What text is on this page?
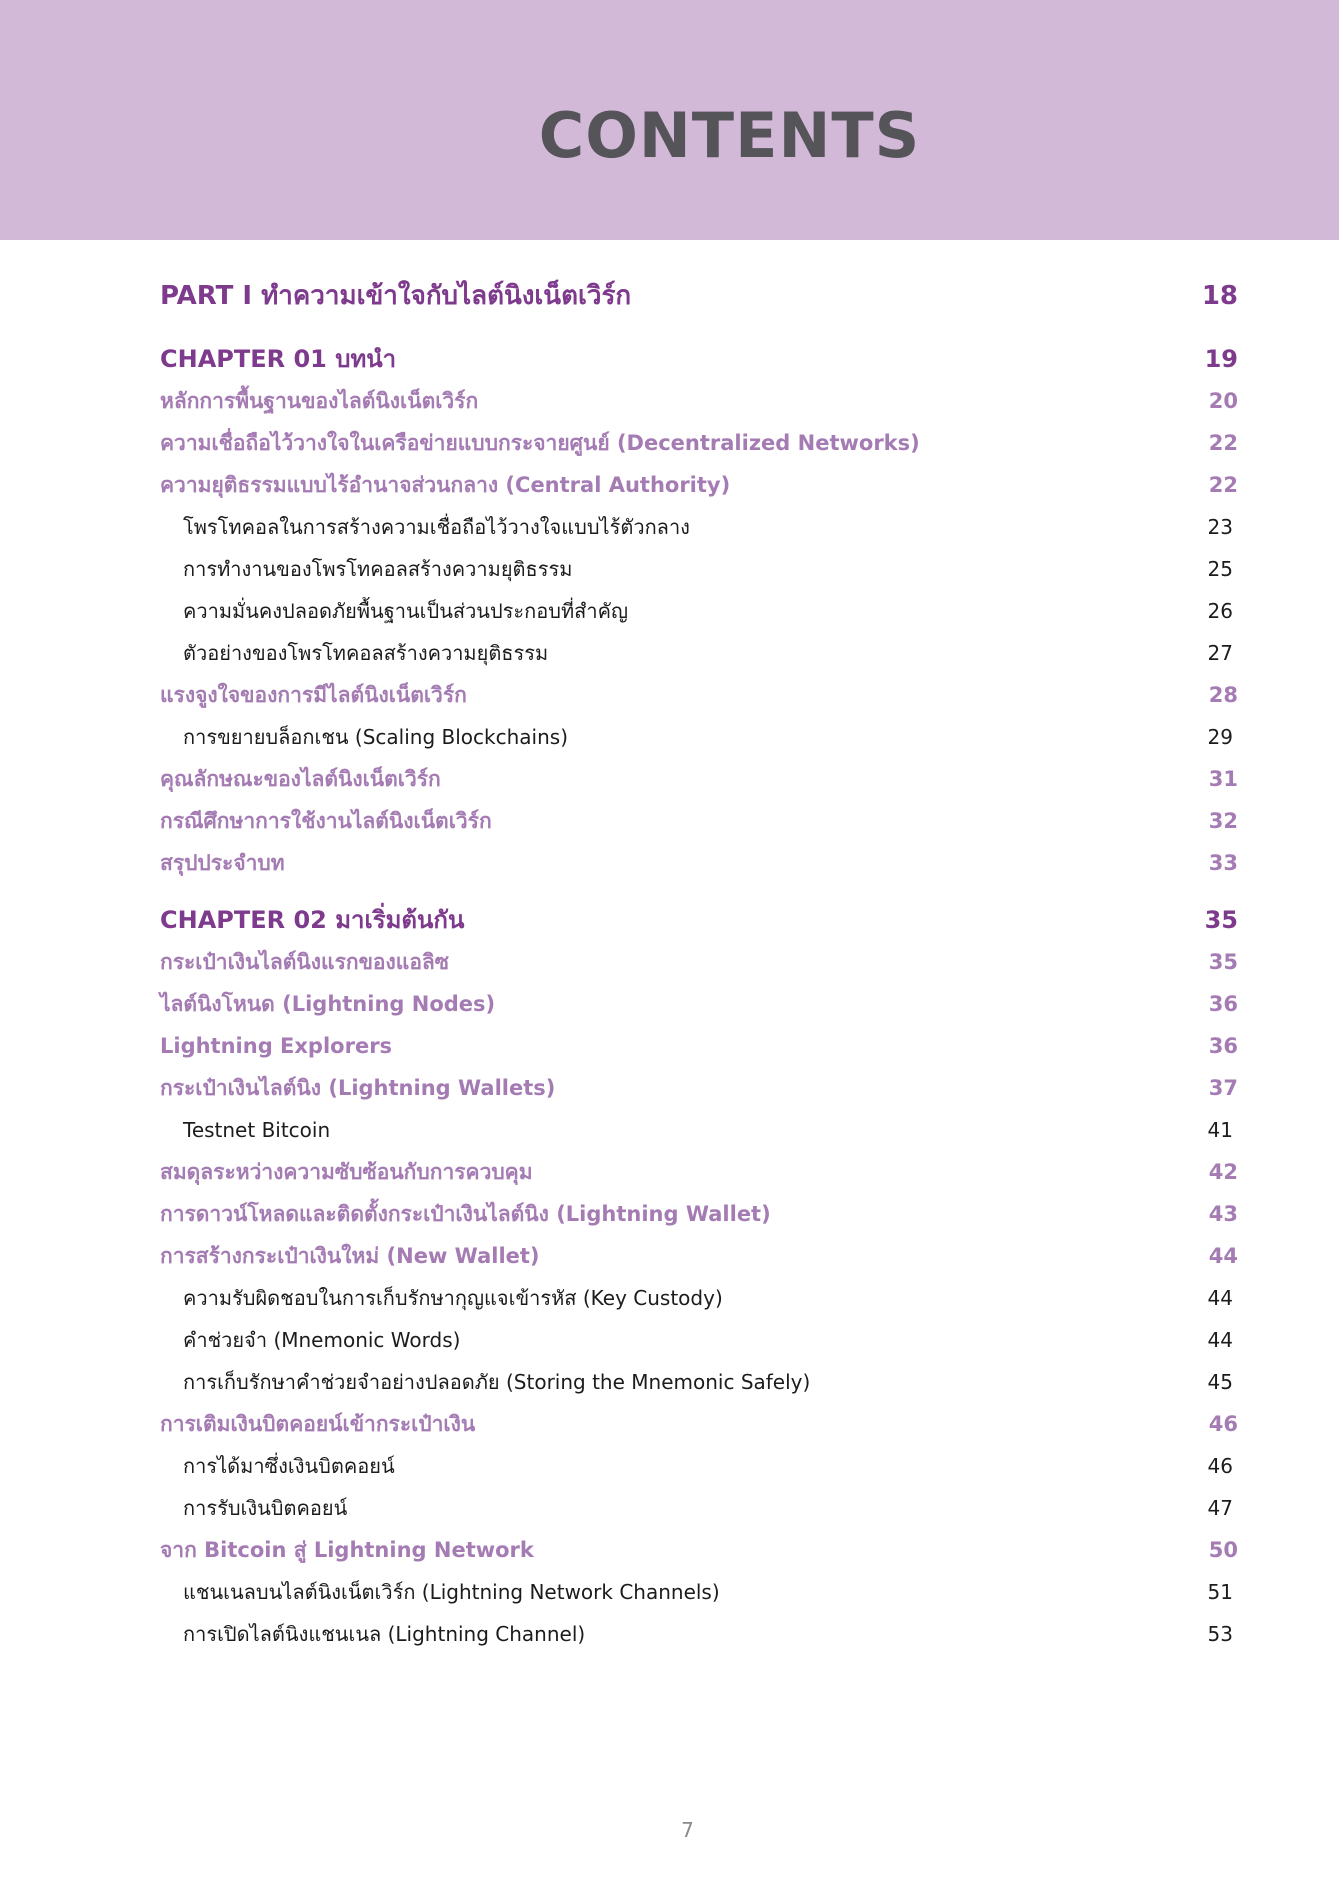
CONTENTS
PART I ทำความเข้าใจกับไลต์นิงเน็ตเวิร์ก	18
CHAPTER 01 บทนำ	19
หลักการพื้นฐานของไลต์นิงเน็ตเวิร์ก	20
ความเชื่อถือไว้วางใจในเครือข่ายแบบกระจายศูนย์ (Decentralized Networks)	22
ความยุติธรรมแบบไร้อำนาจส่วนกลาง (Central Authority)	22
โพรโทคอลในการสร้างความเชื่อถือไว้วางใจแบบไร้ตัวกลาง	23
การทำงานของโพรโทคอลสร้างความยุติธรรม	25
ความมั่นคงปลอดภัยพื้นฐานเป็นส่วนประกอบที่สำคัญ	26
ตัวอย่างของโพรโทคอลสร้างความยุติธรรม	27
แรงจูงใจของการมีไลต์นิงเน็ตเวิร์ก	28
การขยายบล็อกเชน (Scaling Blockchains)	29
คุณลักษณะของไลต์นิงเน็ตเวิร์ก	31
กรณีศึกษาการใช้งานไลต์นิงเน็ตเวิร์ก	32
สรุปประจำบท	33
CHAPTER 02 มาเริ่มต้นกัน	35
กระเป๋าเงินไลต์นิงแรกของแอลิซ	35
ไลต์นิงโหนด (Lightning Nodes)	36
Lightning Explorers	36
กระเป๋าเงินไลต์นิง (Lightning Wallets)	37
Testnet Bitcoin	41
สมดุลระหว่างความซับซ้อนกับการควบคุม	42
การดาวน์โหลดและติดตั้งกระเป๋าเงินไลต์นิง (Lightning Wallet)	43
การสร้างกระเป๋าเงินใหม่ (New Wallet)	44
ความรับผิดชอบในการเก็บรักษากุญแจเข้ารหัส (Key Custody)	44
คำช่วยจำ (Mnemonic Words)	44
การเก็บรักษาคำช่วยจำอย่างปลอดภัย (Storing the Mnemonic Safely)	45
การเติมเงินบิตคอยน์เข้ากระเป๋าเงิน	46
การได้มาซึ่งเงินบิตคอยน์	46
การรับเงินบิตคอยน์	47
จาก Bitcoin สู่ Lightning Network	50
แชนเนลบนไลต์นิงเน็ตเวิร์ก (Lightning Network Channels)	51
การเปิดไลต์นิงแชนเนล (Lightning Channel)	53
7
